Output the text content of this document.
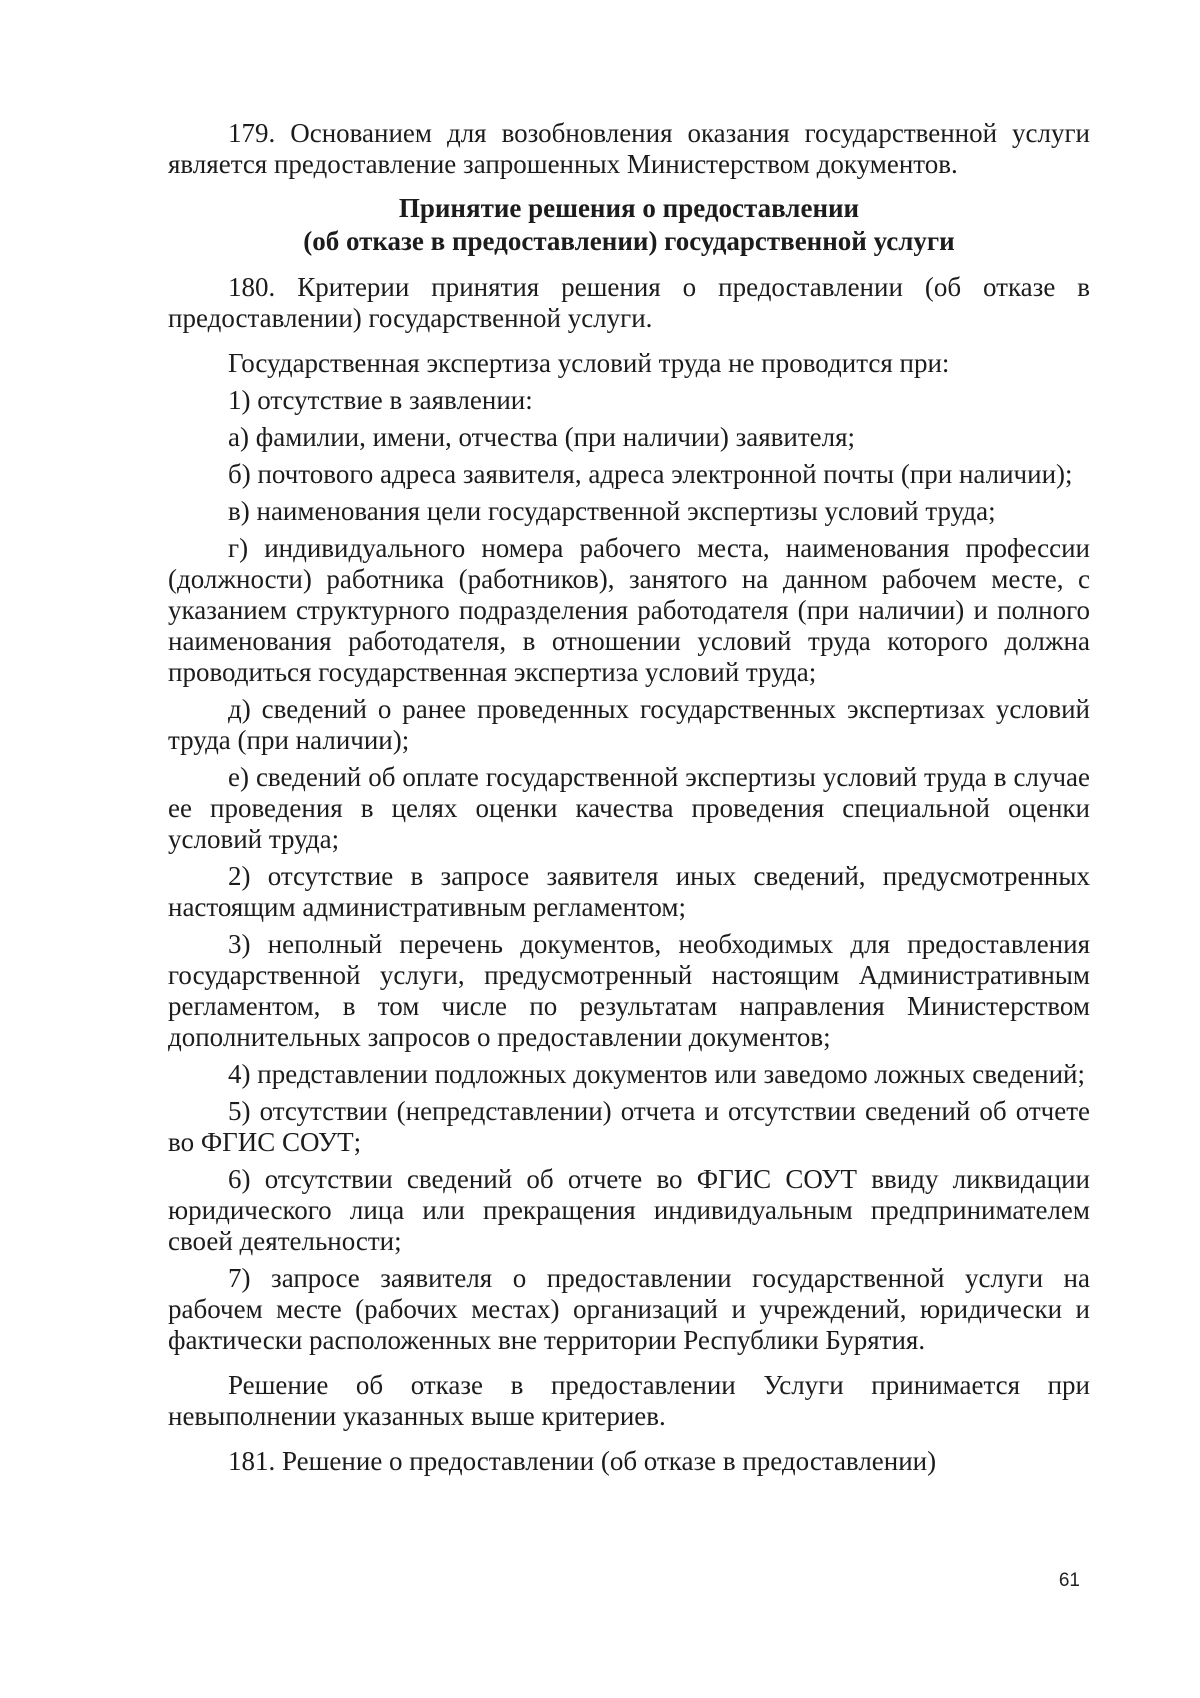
179. Основанием для возобновления оказания государственной услуги является предоставление запрошенных Министерством документов.

Принятие решения о предоставлении
(об отказе в предоставлении) государственной услуги

180. Критерии принятия решения о предоставлении (об отказе в предоставлении) государственной услуги.

Государственная экспертиза условий труда не проводится при:

1) отсутствие в заявлении:

а) фамилии, имени, отчества (при наличии) заявителя;

б) почтового адреса заявителя, адреса электронной почты (при наличии);

в) наименования цели государственной экспертизы условий труда;

г) индивидуального номера рабочего места, наименования профессии (должности) работника (работников), занятого на данном рабочем месте, с указанием структурного подразделения работодателя (при наличии) и полного наименования работодателя, в отношении условий труда которого должна проводиться государственная экспертиза условий труда;

д) сведений о ранее проведенных государственных экспертизах условий труда (при наличии);

е) сведений об оплате государственной экспертизы условий труда в случае ее проведения в целях оценки качества проведения специальной оценки условий труда;

2) отсутствие в запросе заявителя иных сведений, предусмотренных настоящим административным регламентом;

3) неполный перечень документов, необходимых для предоставления государственной услуги, предусмотренный настоящим Административным регламентом, в том числе по результатам направления Министерством дополнительных запросов о предоставлении документов;

4) представлении подложных документов или заведомо ложных сведений;

5) отсутствии (непредставлении) отчета и отсутствии сведений об отчете во ФГИС СОУТ;

6) отсутствии сведений об отчете во ФГИС СОУТ ввиду ликвидации юридического лица или прекращения индивидуальным предпринимателем своей деятельности;

7) запросе заявителя о предоставлении государственной услуги на рабочем месте (рабочих местах) организаций и учреждений, юридически и фактически расположенных вне территории Республики Бурятия.

Решение об отказе в предоставлении Услуги принимается при невыполнении указанных выше критериев.

181. Решение о предоставлении (об отказе в предоставлении)

61
